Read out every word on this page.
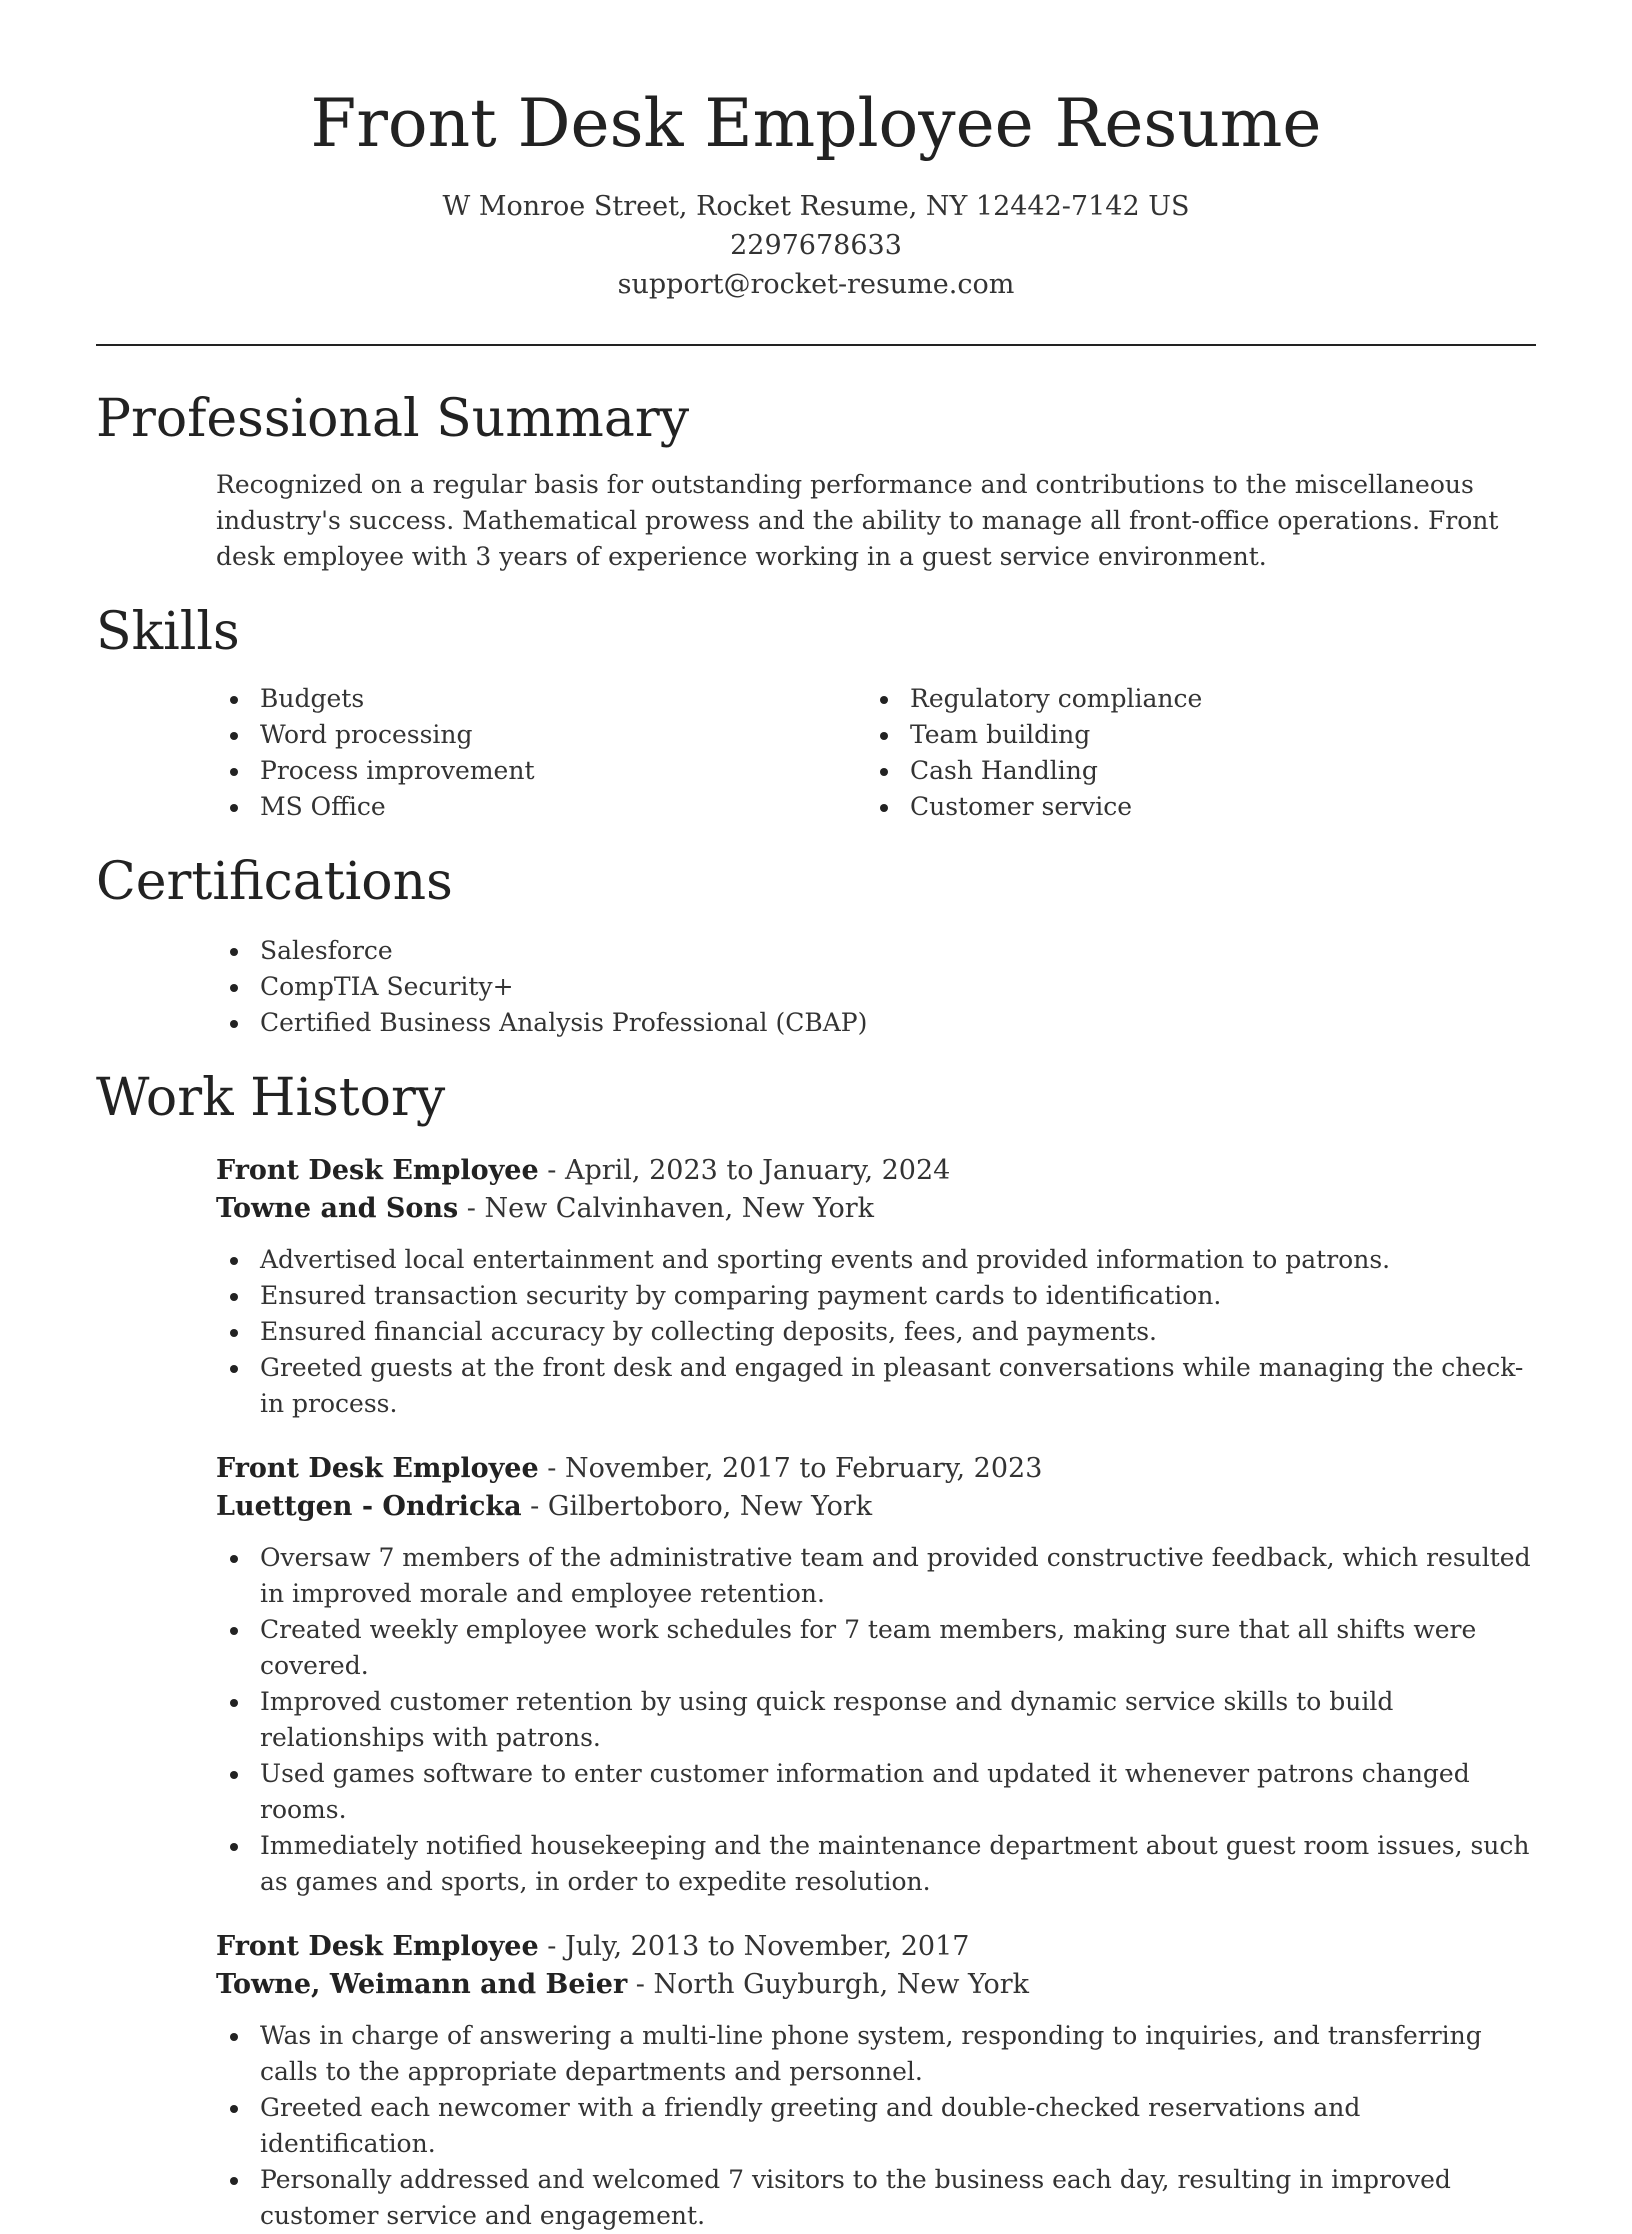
Front Desk Employee Resume
W Monroe Street, Rocket Resume, NY 12442-7142 US
2297678633
support@rocket-resume.com
Professional Summary

Recognized on a regular basis for outstanding performance and contributions to the miscellaneous industry's success. Mathematical prowess and the ability to manage all front-office operations. Front desk employee with 3 years of experience working in a guest service environment.

Skills
Budgets
Word processing
Process improvement
MS Office
Regulatory compliance
Team building
Cash Handling
Customer service
Certifications
Salesforce
CompTIA Security+
Certified Business Analysis Professional (CBAP)
Work History
Front Desk Employee - April, 2023 to January, 2024
Towne and Sons - New Calvinhaven, New York
Advertised local entertainment and sporting events and provided information to patrons.
Ensured transaction security by comparing payment cards to identification.
Ensured financial accuracy by collecting deposits, fees, and payments.
Greeted guests at the front desk and engaged in pleasant conversations while managing the check-in process.
Front Desk Employee - November, 2017 to February, 2023
Luettgen - Ondricka - Gilbertoboro, New York
Oversaw 7 members of the administrative team and provided constructive feedback, which resulted in improved morale and employee retention.
Created weekly employee work schedules for 7 team members, making sure that all shifts were covered.
Improved customer retention by using quick response and dynamic service skills to build relationships with patrons.
Used games software to enter customer information and updated it whenever patrons changed rooms.
Immediately notified housekeeping and the maintenance department about guest room issues, such as games and sports, in order to expedite resolution.
Front Desk Employee - July, 2013 to November, 2017
Towne, Weimann and Beier - North Guyburgh, New York
Was in charge of answering a multi-line phone system, responding to inquiries, and transferring calls to the appropriate departments and personnel.
Greeted each newcomer with a friendly greeting and double-checked reservations and identification.
Personally addressed and welcomed 7 visitors to the business each day, resulting in improved customer service and engagement.
